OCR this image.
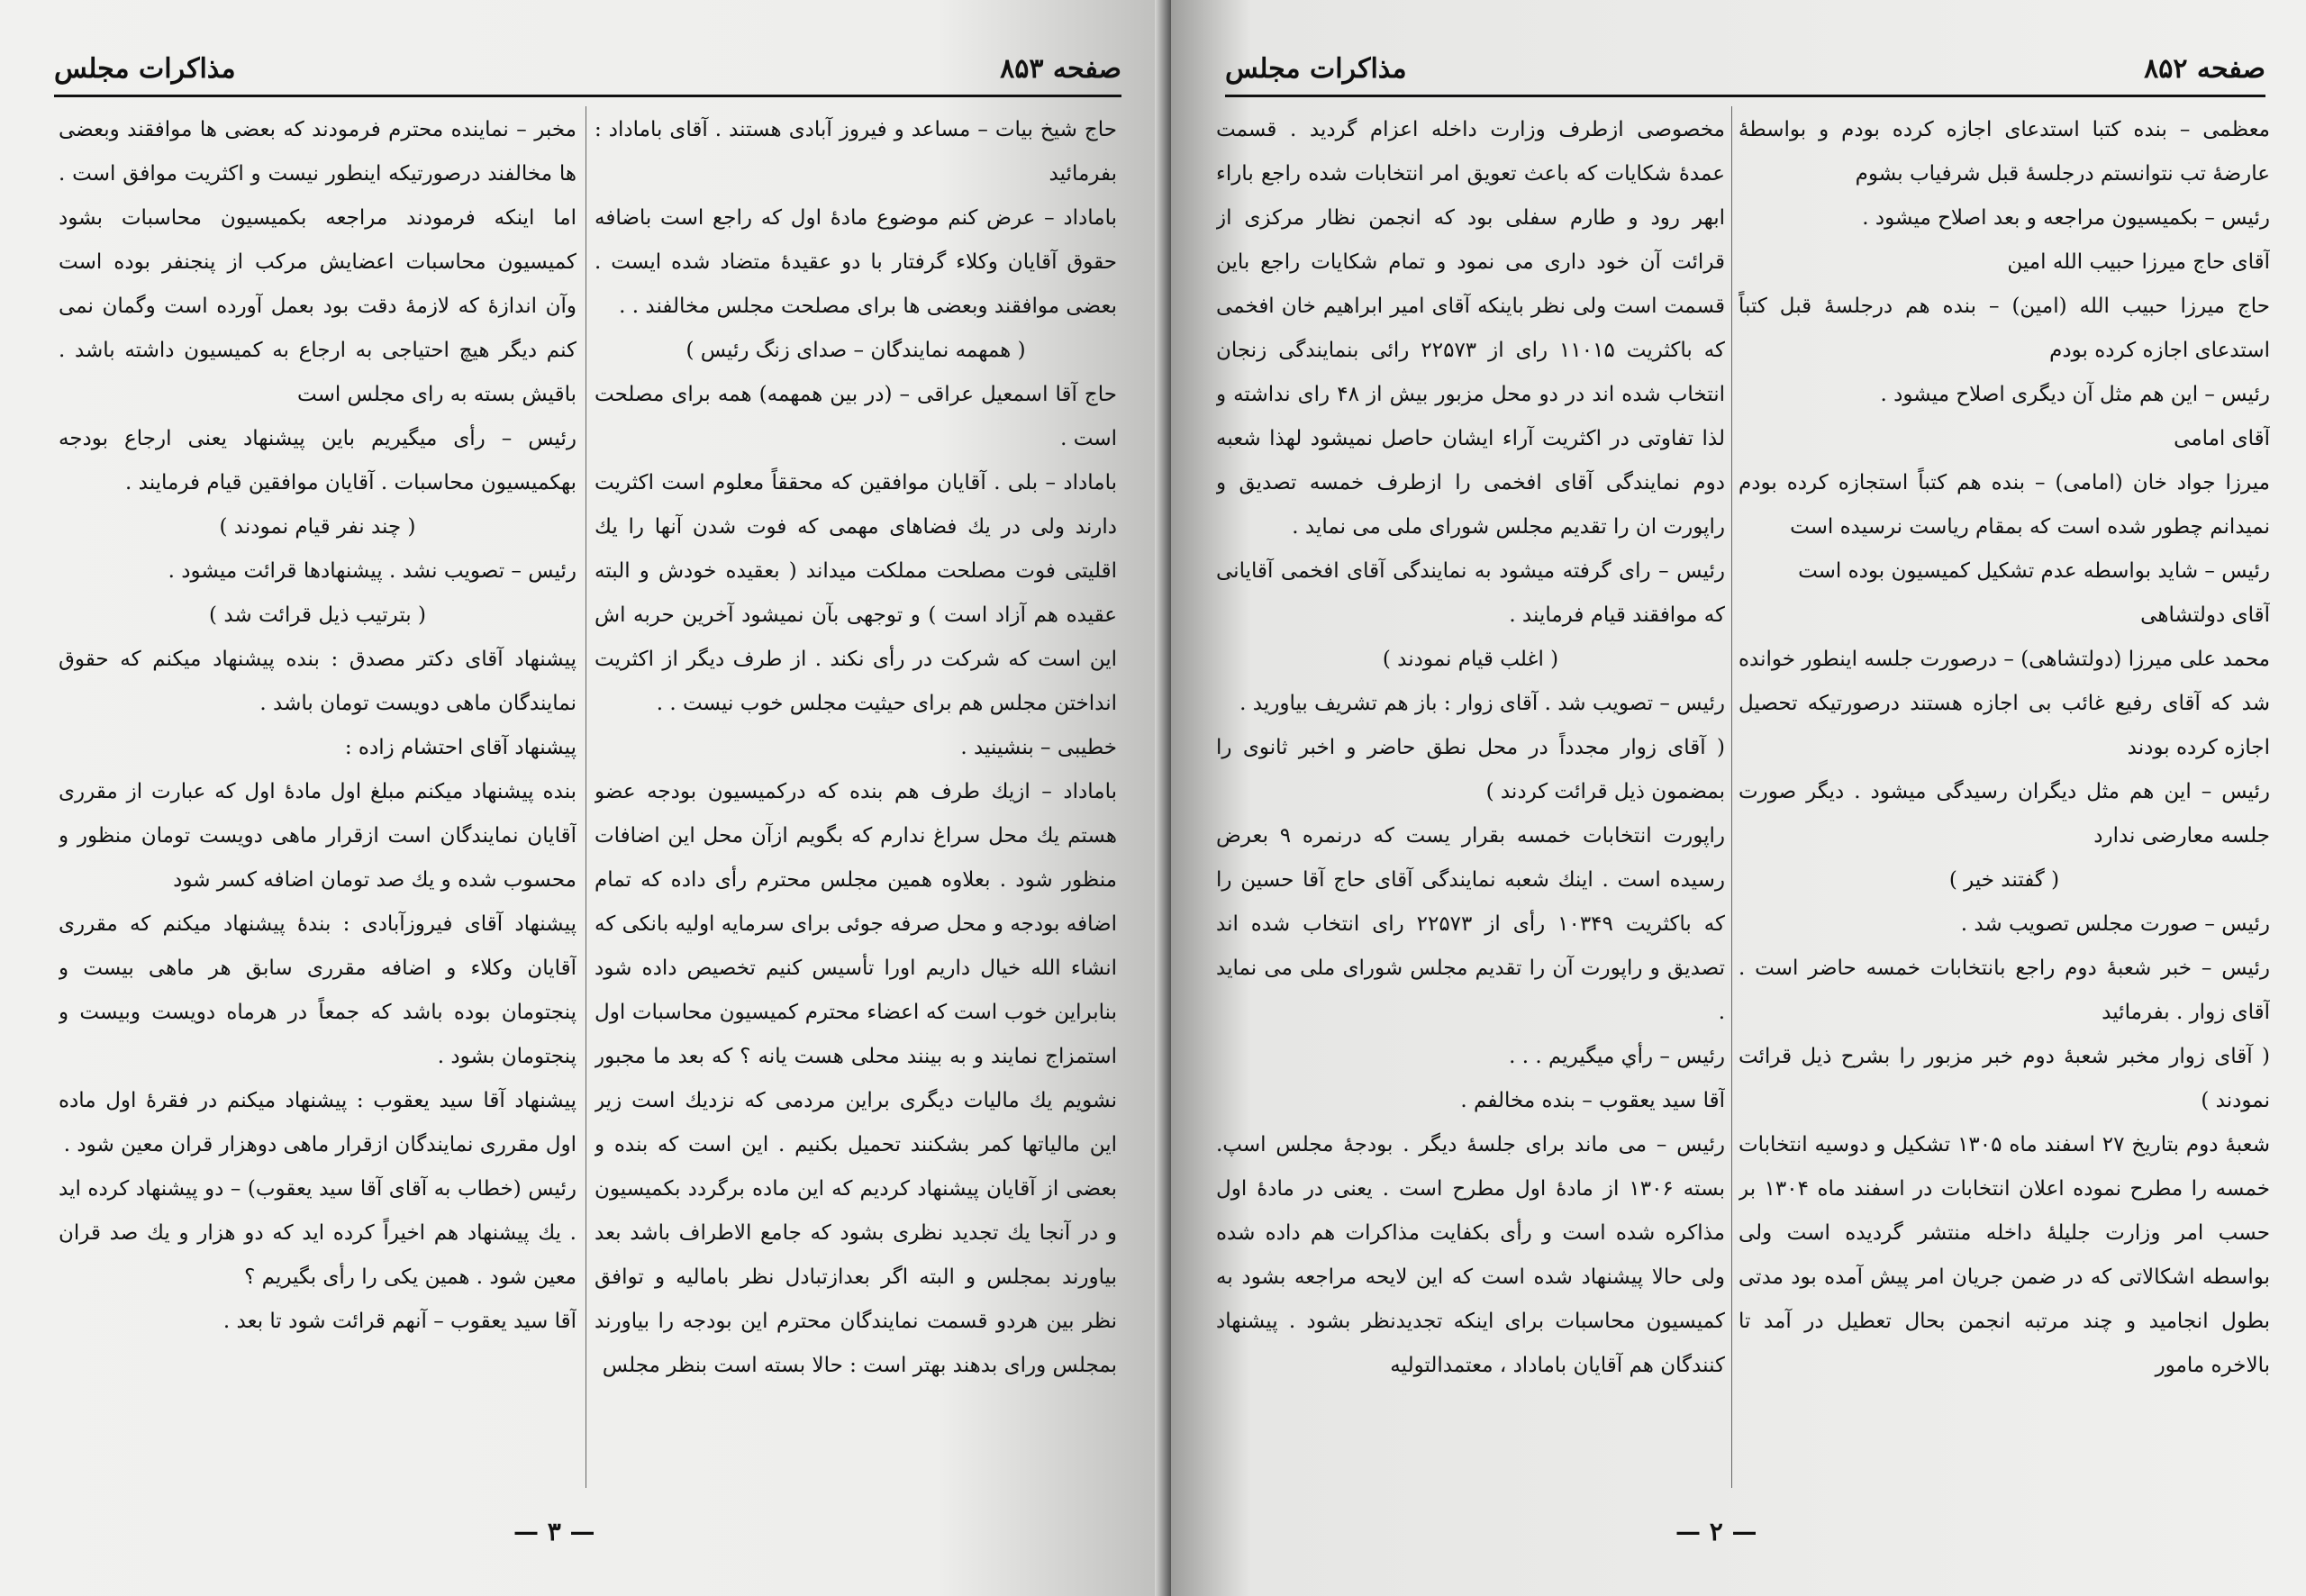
صفحه ۸۵۳
مذاکرات مجلس

حاج شیخ بیات – مساعد و فیروز آبادی هستند . آقای باماداد : بفرمائید

باماداد – عرض کنم موضوع مادهٔ اول که راجع است باضافه حقوق آقایان وکلاء گرفتار با دو عقیدهٔ متضاد شده ایست . بعضی موافقند وبعضی ها برای مصلحت مجلس مخالفند . .

( همهمه نمایندگان – صدای زنگ رئیس )

حاج آقا اسمعیل عراقی – (در بین همهمه) همه برای مصلحت است .

باماداد – بلی . آقایان موافقین که محققاً معلوم است اکثریت دارند ولی در یك فضاهای مهمی که فوت شدن آنها را یك اقلیتی فوت مصلحت مملکت میداند ( بعقیده خودش و البته عقیده هم آزاد است ) و توجهی بآن نمیشود آخرین حربه اش این است که شرکت در رأی نکند . از طرف دیگر از اکثریت انداختن مجلس هم برای حیثیت مجلس خوب نیست . .

خطیبی – بنشینید .

باماداد – ازیك طرف هم بنده که درکمیسیون بودجه عضو هستم یك محل سراغ ندارم که بگویم ازآن محل این اضافات منظور شود . بعلاوه همین مجلس محترم رأی داده که تمام اضافه بودجه و محل صرفه جوئی برای سرمایه اولیه بانکی که انشاء الله خیال داریم اورا تأسیس کنیم تخصیص داده شود بنابراین خوب است که اعضاء محترم کمیسیون محاسبات اول استمزاج نمایند و به بینند محلی هست یانه ؟ که بعد ما مجبور نشویم یك مالیات دیگری براین مردمی که نزدیك است زیر این مالیاتها کمر بشکنند تحمیل بکنیم . این است که بنده و بعضی از آقایان پیشنهاد کردیم که این ماده برگردد بکمیسیون و در آنجا یك تجدید نظری بشود که جامع الاطراف باشد بعد بیاورند بمجلس و البته اگر بعدازتبادل نظر بامالیه و توافق نظر بین هردو قسمت نمایندگان محترم این بودجه را بیاورند بمجلس ورای بدهند بهتر است : حالا بسته است بنظر مجلس

مخبر – نماینده محترم فرمودند که بعضی ها موافقند وبعضی ها مخالفند درصورتیکه اینطور نیست و اکثریت موافق است . اما اینکه فرمودند مراجعه بکمیسیون محاسبات بشود کمیسیون محاسبات اعضایش مرکب از پنجنفر بوده است وآن اندازهٔ که لازمهٔ دقت بود بعمل آورده است وگمان نمی کنم دیگر هیچ احتیاجی به ارجاع به کمیسیون داشته باشد . باقیش بسته به رای مجلس است

رئیس – رأی میگیریم باین پیشنهاد یعنی ارجاع بودجه بهکمیسیون محاسبات . آقایان موافقین قیام فرمایند .

( چند نفر قیام نمودند )

رئیس – تصویب نشد . پیشنهادها قرائت میشود .

( بترتیب ذیل قرائت شد )

پیشنهاد آقای دکتر مصدق : بنده پیشنهاد میکنم که حقوق نمایندگان ماهی دویست تومان باشد .

پیشنهاد آقای احتشام زاده :

بنده پیشنهاد میکنم مبلغ اول مادهٔ اول که عبارت از مقرری آقایان نمایندگان است ازقرار ماهی دویست تومان منظور و محسوب شده و یك صد تومان اضافه کسر شود

پیشنهاد آقای فیروزآبادی : بندهٔ پیشنهاد میکنم که مقرری آقایان وکلاء و اضافه مقرری سابق هر ماهی بیست و پنجتومان بوده باشد که جمعاً در هرماه دویست وبیست و پنجتومان بشود .

پیشنهاد آقا سید یعقوب : پیشنهاد میکنم در فقرهٔ اول ماده اول مقرری نمایندگان ازقرار ماهی دوهزار قران معین شود .

رئیس (خطاب به آقای آقا سید یعقوب) – دو پیشنهاد کرده اید . یك پیشنهاد هم اخیراً کرده اید که دو هزار و یك صد قران معین شود . همین یکی را رأی بگیریم ؟

آقا سید یعقوب – آنهم قرائت شود تا بعد .

— ۳ —
صفحه ۸۵۲
مذاکرات مجلس

معظمی – بنده کتبا استدعای اجازه کرده بودم و بواسطهٔ عارضهٔ تب نتوانستم درجلسهٔ قبل شرفیاب بشوم

رئیس – بکمیسیون مراجعه و بعد اصلاح میشود .

آقای حاج میرزا حبیب الله امین

حاج میرزا حبیب الله (امین) – بنده هم درجلسهٔ قبل کتباً استدعای اجازه کرده بودم

رئیس – این هم مثل آن دیگری اصلاح میشود .

آقای امامی

میرزا جواد خان (امامی) – بنده هم کتباً استجازه کرده بودم نمیدانم چطور شده است که بمقام ریاست نرسیده است

رئیس – شاید بواسطه عدم تشکیل کمیسیون بوده است

آقای دولتشاهی

محمد علی میرزا (دولتشاهی) – درصورت جلسه اینطور خوانده شد که آقای رفیع غائب بی اجازه هستند درصورتیکه تحصیل اجازه کرده بودند

رئیس – این هم مثل دیگران رسیدگی میشود . دیگر صورت جلسه معارضی ندارد

( گفتند خیر )

رئیس – صورت مجلس تصویب شد .

رئیس – خبر شعبهٔ دوم راجع بانتخابات خمسه حاضر است . آقای زوار . بفرمائید

( آقای زوار مخبر شعبهٔ دوم خبر مزبور را بشرح ذیل قرائت نمودند )

شعبهٔ دوم بتاریخ ۲۷ اسفند ماه ۱۳۰۵ تشکیل و دوسیه انتخابات خمسه را مطرح نموده اعلان انتخابات در اسفند ماه ۱۳۰۴ بر حسب امر وزارت جلیلهٔ داخله منتشر گردیده است ولی بواسطه اشکالاتی که در ضمن جریان امر پیش آمده بود مدتی بطول انجامید و چند مرتبه انجمن بحال تعطیل در آمد تا بالاخره مامور

مخصوصی ازطرف وزارت داخله اعزام گردید . قسمت عمدهٔ شکایات که باعث تعویق امر انتخابات شده راجع باراء ابهر رود و طارم سفلی بود که انجمن نظار مرکزی از قرائت آن خود داری می نمود و تمام شکایات راجع باین قسمت است ولی نظر باینکه آقای امیر ابراهیم خان افخمی که باکثریت ۱۱۰۱۵ رای از ۲۲۵۷۳ رائی بنمایندگی زنجان انتخاب شده اند در دو محل مزبور بیش از ۴۸ رای نداشته و لذا تفاوتی در اکثریت آراء ایشان حاصل نمیشود لهذا شعبه دوم نمایندگی آقای افخمی را ازطرف خمسه تصدیق و راپورت ان را تقدیم مجلس شورای ملی می نماید .

رئیس – رای گرفته میشود به نمایندگی آقای افخمی آقایانی که موافقند قیام فرمایند .

( اغلب قیام نمودند )

رئیس – تصویب شد . آقای زوار : باز هم تشریف بیاورید .

( آقای زوار مجدداً در محل نطق حاضر و اخبر ثانوی را بمضمون ذیل قرائت کردند )

راپورت انتخابات خمسه بقرار یست که درنمره ۹ بعرض رسیده است . اینك شعبه نمایندگی آقای حاج آقا حسین را که باکثریت ۱۰۳۴۹ رأی از ۲۲۵۷۳ رای انتخاب شده اند تصدیق و راپورت آن را تقدیم مجلس شورای ملی می نماید .

رئیس – رأي میگیریم . . .

آقا سید یعقوب – بنده مخالفم .

رئیس – می ماند برای جلسهٔ دیگر . بودجهٔ مجلس اسپ. بسته ۱۳۰۶ از مادهٔ اول مطرح است . یعنی در مادهٔ اول مذاکره شده است و رأی بکفایت مذاکرات هم داده شده ولی حالا پیشنهاد شده است که این لایحه مراجعه بشود به کمیسیون محاسبات برای اینکه تجدیدنظر بشود . پیشنهاد کنندگان هم آقایان باماداد ، معتمدالتولیه

— ۲ —
